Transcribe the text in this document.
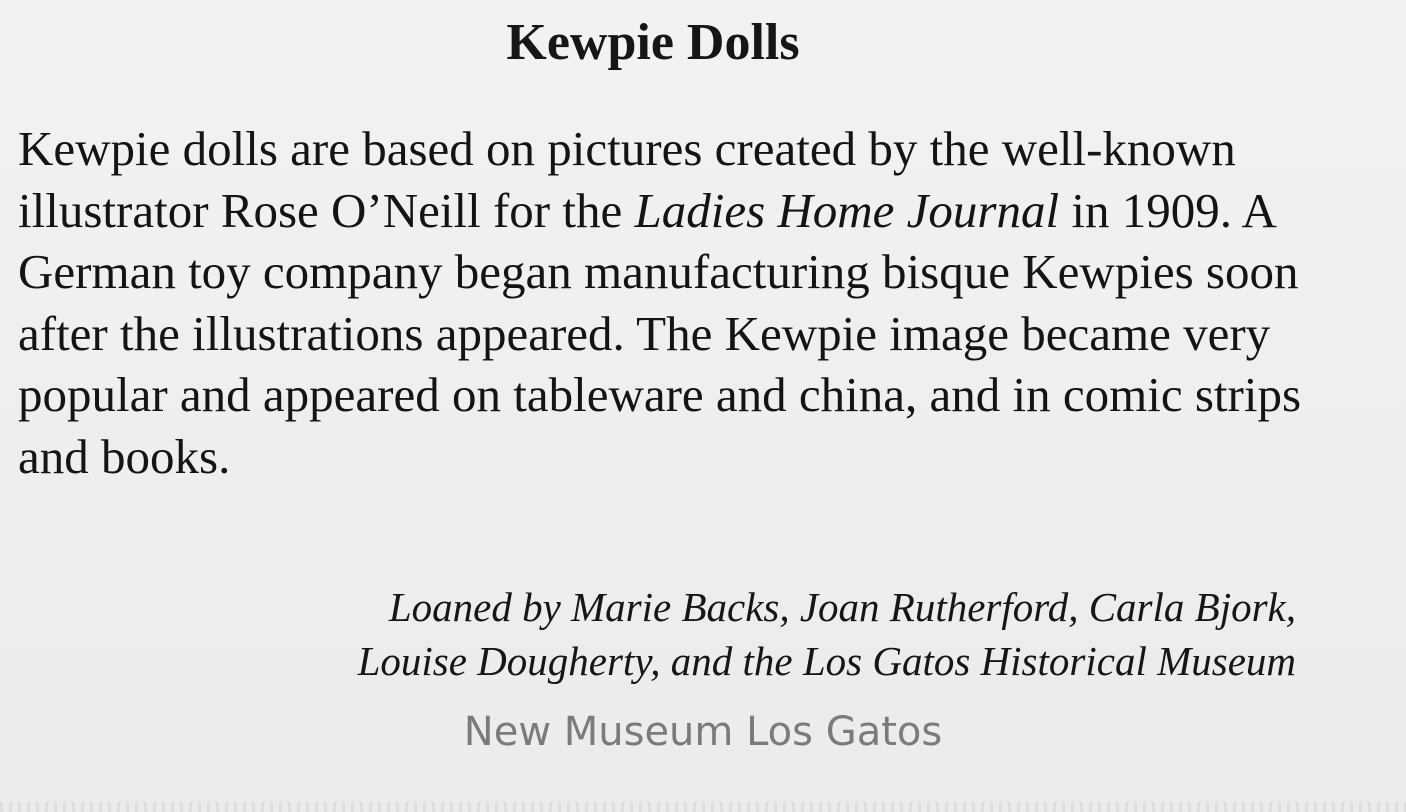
Kewpie Dolls

Kewpie dolls are based on pictures created by the well-known illustrator Rose O’Neill for the Ladies Home Journal in 1909. A German toy company began manufacturing bisque Kewpies soon after the illustrations appeared. The Kewpie image became very popular and appeared on tableware and china, and in comic strips and books.

Loaned by Marie Backs, Joan Rutherford, Carla Bjork,
Louise Dougherty, and the Los Gatos Historical Museum

New Museum Los Gatos
